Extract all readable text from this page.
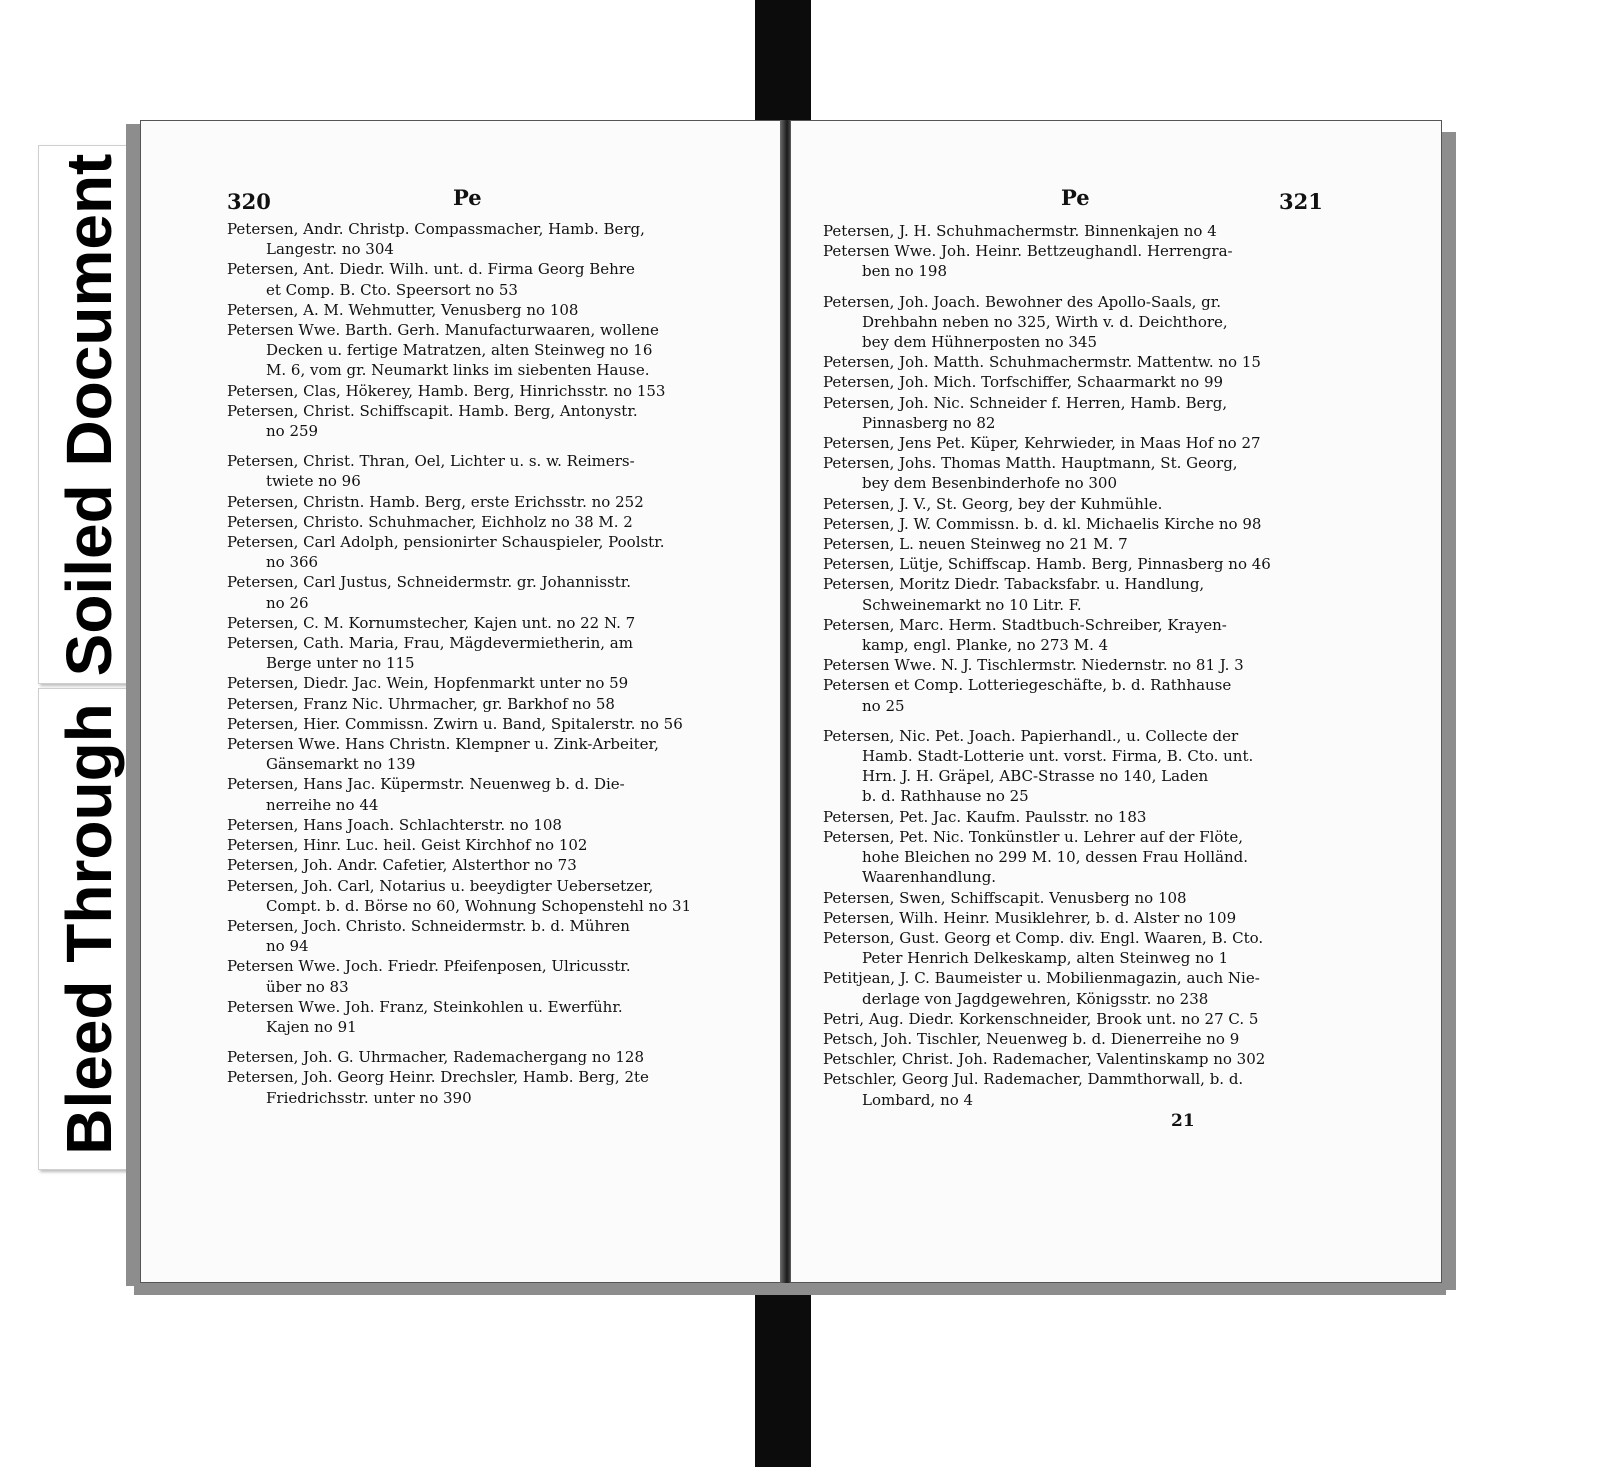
Soiled Document
Bleed Through
320	Pe
Petersen, Andr. Christp. Compassmacher, Hamb. Berg,
Langestr. no 304
Petersen, Ant. Diedr. Wilh. unt. d. Firma Georg Behre
et Comp. B. Cto. Speersort no 53
Petersen, A. M. Wehmutter, Venusberg no 108
Petersen Wwe. Barth. Gerh. Manufacturwaaren, wollene
Decken u. fertige Matratzen, alten Steinweg no 16
M. 6, vom gr. Neumarkt links im siebenten Hause.
Petersen, Clas, Hökerey, Hamb. Berg, Hinrichsstr. no 153
Petersen, Christ. Schiffscapit. Hamb. Berg, Antonystr.
no 259
Petersen, Christ. Thran, Oel, Lichter u. s. w. Reimers-
twiete no 96
Petersen, Christn. Hamb. Berg, erste Erichsstr. no 252
Petersen, Christo. Schuhmacher, Eichholz no 38 M. 2
Petersen, Carl Adolph, pensionirter Schauspieler, Poolstr.
no 366
Petersen, Carl Justus, Schneidermstr. gr. Johannisstr.
no 26
Petersen, C. M. Kornumstecher, Kajen unt. no 22 N. 7
Petersen, Cath. Maria, Frau, Mägdevermietherin, am
Berge unter no 115
Petersen, Diedr. Jac. Wein, Hopfenmarkt unter no 59
Petersen, Franz Nic. Uhrmacher, gr. Barkhof no 58
Petersen, Hier. Commissn. Zwirn u. Band, Spitalerstr. no 56
Petersen Wwe. Hans Christn. Klempner u. Zink-Arbeiter,
Gänsemarkt no 139
Petersen, Hans Jac. Küpermstr. Neuenweg b. d. Die-
nerreihe no 44
Petersen, Hans Joach. Schlachterstr. no 108
Petersen, Hinr. Luc. heil. Geist Kirchhof no 102
Petersen, Joh. Andr. Cafetier, Alsterthor no 73
Petersen, Joh. Carl, Notarius u. beeydigter Uebersetzer,
Compt. b. d. Börse no 60, Wohnung Schopenstehl no 31
Petersen, Joch. Christo. Schneidermstr. b. d. Mühren
no 94
Petersen Wwe. Joch. Friedr. Pfeifenposen, Ulricusstr.
über no 83
Petersen Wwe. Joh. Franz, Steinkohlen u. Ewerführ.
Kajen no 91
Petersen, Joh. G. Uhrmacher, Rademachergang no 128
Petersen, Joh. Georg Heinr. Drechsler, Hamb. Berg, 2te
Friedrichsstr. unter no 390
Pe	321
Petersen, J. H. Schuhmachermstr. Binnenkajen no 4
Petersen Wwe. Joh. Heinr. Bettzeughandl. Herrengra-
ben no 198
Petersen, Joh. Joach. Bewohner des Apollo-Saals, gr.
Drehbahn neben no 325, Wirth v. d. Deichthore,
bey dem Hühnerposten no 345
Petersen, Joh. Matth. Schuhmachermstr. Mattentw. no 15
Petersen, Joh. Mich. Torfschiffer, Schaarmarkt no 99
Petersen, Joh. Nic. Schneider f. Herren, Hamb. Berg,
Pinnasberg no 82
Petersen, Jens Pet. Küper, Kehrwieder, in Maas Hof no 27
Petersen, Johs. Thomas Matth. Hauptmann, St. Georg,
bey dem Besenbinderhofe no 300
Petersen, J. V., St. Georg, bey der Kuhmühle.
Petersen, J. W. Commissn. b. d. kl. Michaelis Kirche no 98
Petersen, L. neuen Steinweg no 21 M. 7
Petersen, Lütje, Schiffscap. Hamb. Berg, Pinnasberg no 46
Petersen, Moritz Diedr. Tabacksfabr. u. Handlung,
Schweinemarkt no 10 Litr. F.
Petersen, Marc. Herm. Stadtbuch-Schreiber, Krayen-
kamp, engl. Planke, no 273 M. 4
Petersen Wwe. N. J. Tischlermstr. Niedernstr. no 81 J. 3
Petersen et Comp. Lotteriegeschäfte, b. d. Rathhause
no 25
Petersen, Nic. Pet. Joach. Papierhandl., u. Collecte der
Hamb. Stadt-Lotterie unt. vorst. Firma, B. Cto. unt.
Hrn. J. H. Gräpel, ABC-Strasse no 140, Laden
b. d. Rathhause no 25
Petersen, Pet. Jac. Kaufm. Paulsstr. no 183
Petersen, Pet. Nic. Tonkünstler u. Lehrer auf der Flöte,
hohe Bleichen no 299 M. 10, dessen Frau Holländ.
Waarenhandlung.
Petersen, Swen, Schiffscapit. Venusberg no 108
Petersen, Wilh. Heinr. Musiklehrer, b. d. Alster no 109
Peterson, Gust. Georg et Comp. div. Engl. Waaren, B. Cto.
Peter Henrich Delkeskamp, alten Steinweg no 1
Petitjean, J. C. Baumeister u. Mobilienmagazin, auch Nie-
derlage von Jagdgewehren, Königsstr. no 238
Petri, Aug. Diedr. Korkenschneider, Brook unt. no 27 C. 5
Petsch, Joh. Tischler, Neuenweg b. d. Dienerreihe no 9
Petschler, Christ. Joh. Rademacher, Valentinskamp no 302
Petschler, Georg Jul. Rademacher, Dammthorwall, b. d.
Lombard, no 4
21
